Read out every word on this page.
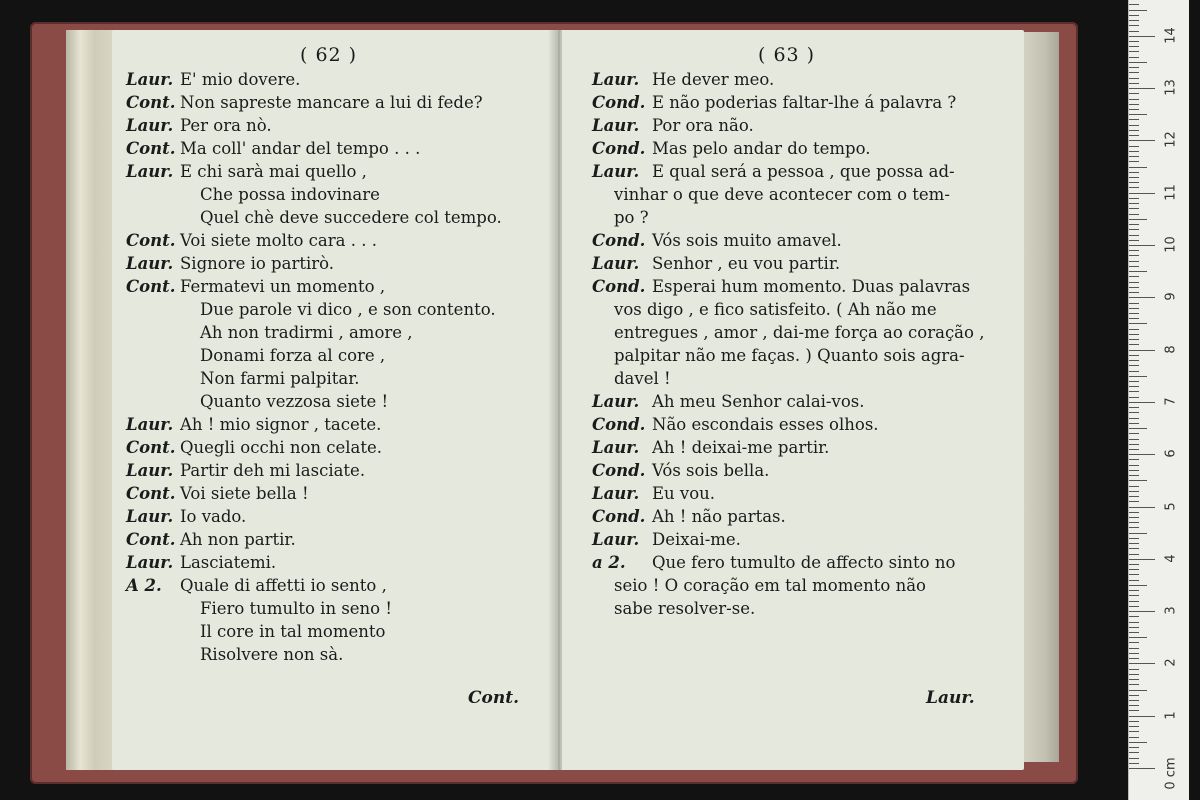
( 62 )
Laur. E' mio dovere.
Cont. Non sapreste mancare a lui di fede?
Laur. Per ora nò.
Cont. Ma coll' andar del tempo . . .
Laur. E chi sarà mai quello ,
Che possa indovinare
Quel chè deve succedere col tempo.
Cont. Voi siete molto cara . . .
Laur. Signore io partirò.
Cont. Fermatevi un momento ,
Due parole vi dico , e son contento.
Ah non tradirmi , amore ,
Donami forza al core ,
Non farmi palpitar.
Quanto vezzosa siete !
Laur. Ah ! mio signor , tacete.
Cont. Quegli occhi non celate.
Laur. Partir deh mi lasciate.
Cont. Voi siete bella !
Laur. Io vado.
Cont. Ah non partir.
Laur. Lasciatemi.
A 2. Quale di affetti io sento ,
Fiero tumulto in seno !
Il core in tal momento
Risolvere non sà.
Cont.
( 63 )
Laur. He dever meo.
Cond. E não poderias faltar-lhe á palavra ?
Laur. Por ora não.
Cond. Mas pelo andar do tempo.
Laur. E qual será a pessoa , que possa ad-
vinhar o que deve acontecer com o tem-
po ?
Cond. Vós sois muito amavel.
Laur. Senhor , eu vou partir.
Cond. Esperai hum momento. Duas palavras
vos digo , e fico satisfeito. ( Ah não me
entregues , amor , dai-me força ao coração ,
palpitar não me façаs. ) Quanto sois agra-
davel !
Laur. Ah meu Senhor calai-vos.
Cond. Não escondais esses olhos.
Laur. Ah ! deixai-me partir.
Cond. Vós sois bella.
Laur. Eu vou.
Cond. Ah ! não partas.
Laur. Deixai-me.
a 2. Que fero tumulto de affecto sinto no
seio ! O coração em tal momento não
sabe resolver-se.
Laur.
0 cm
1
2
3
4
5
6
7
8
9
10
11
12
13
14
